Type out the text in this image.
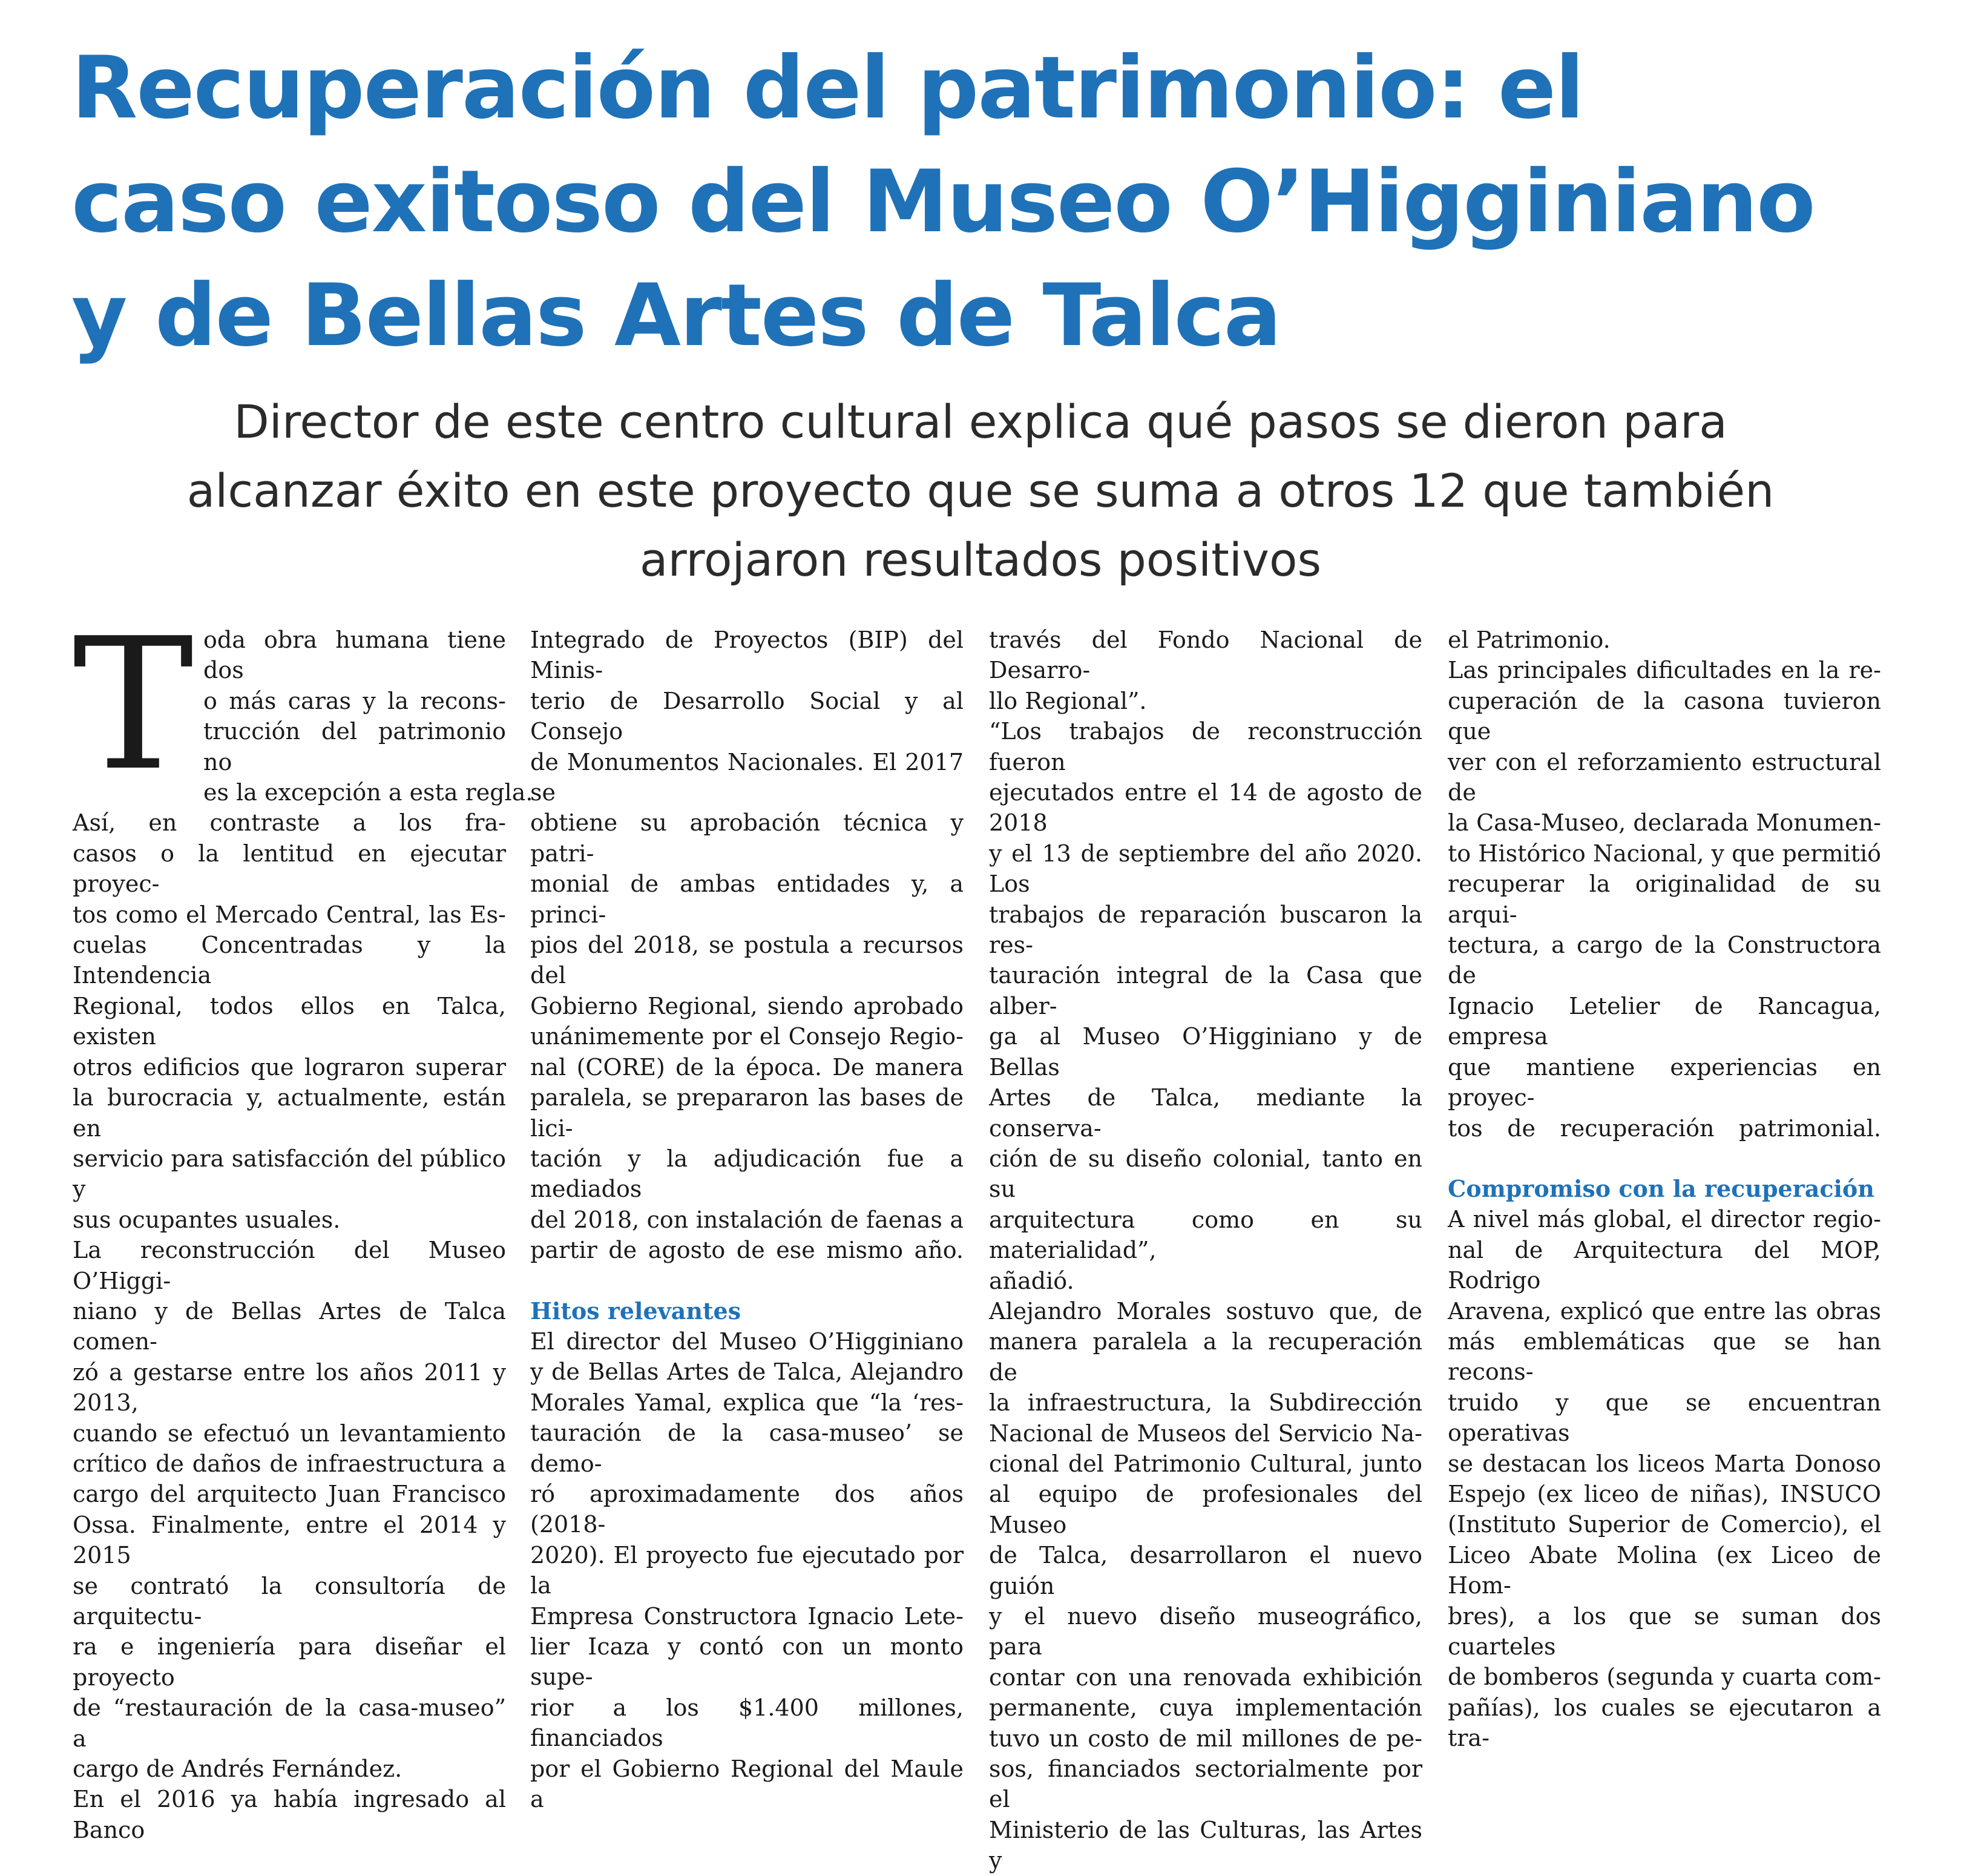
Recuperación del patrimonio: el
caso exitoso del Museo O’Higginiano
y de Bellas Artes de Talca
Director de este centro cultural explica qué pasos se dieron para
alcanzar éxito en este proyecto que se suma a otros 12 que también
arrojaron resultados positivos
T oda obra humana tiene dos
o más caras y la recons-
trucción del patrimonio no
es la excepción a esta regla.
Así, en contraste a los fra-
casos o la lentitud en ejecutar proyec-
tos como el Mercado Central, las Es-
cuelas Concentradas y la Intendencia
Regional, todos ellos en Talca, existen
otros edificios que lograron superar
la burocracia y, actualmente, están en
servicio para satisfacción del público y
sus ocupantes usuales.
La reconstrucción del Museo O’Higgi-
niano y de Bellas Artes de Talca comen-
zó a gestarse entre los años 2011 y 2013,
cuando se efectuó un levantamiento
crítico de daños de infraestructura a
cargo del arquitecto Juan Francisco
Ossa. Finalmente, entre el 2014 y 2015
se contrató la consultoría de arquitectu-
ra e ingeniería para diseñar el proyecto
de “restauración de la casa-museo” a
cargo de Andrés Fernández.
En el 2016 ya había ingresado al Banco
Integrado de Proyectos (BIP) del Minis-
terio de Desarrollo Social y al Consejo
de Monumentos Nacionales. El 2017 se
obtiene su aprobación técnica y patri-
monial de ambas entidades y, a princi-
pios del 2018, se postula a recursos del
Gobierno Regional, siendo aprobado
unánimemente por el Consejo Regio-
nal (CORE) de la época. De manera
paralela, se prepararon las bases de lici-
tación y la adjudicación fue a mediados
del 2018, con instalación de faenas a
partir de agosto de ese mismo año.
Hitos relevantes
El director del Museo O’Higginiano
y de Bellas Artes de Talca, Alejandro
Morales Yamal, explica que “la ‘res-
tauración de la casa-museo’ se demo-
ró aproximadamente dos años (2018-
2020). El proyecto fue ejecutado por la
Empresa Constructora Ignacio Lete-
lier Icaza y contó con un monto supe-
rior a los $1.400 millones, financiados
por el Gobierno Regional del Maule a
través del Fondo Nacional de Desarro-
llo Regional”.
“Los trabajos de reconstrucción fueron
ejecutados entre el 14 de agosto de 2018
y el 13 de septiembre del año 2020. Los
trabajos de reparación buscaron la res-
tauración integral de la Casa que alber-
ga al Museo O’Higginiano y de Bellas
Artes de Talca, mediante la conserva-
ción de su diseño colonial, tanto en su
arquitectura como en su materialidad”,
añadió.
Alejandro Morales sostuvo que, de
manera paralela a la recuperación de
la infraestructura, la Subdirección
Nacional de Museos del Servicio Na-
cional del Patrimonio Cultural, junto
al equipo de profesionales del Museo
de Talca, desarrollaron el nuevo guión
y el nuevo diseño museográfico, para
contar con una renovada exhibición
permanente, cuya implementación
tuvo un costo de mil millones de pe-
sos, financiados sectorialmente por el
Ministerio de las Culturas, las Artes y
el Patrimonio.
Las principales dificultades en la re-
cuperación de la casona tuvieron que
ver con el reforzamiento estructural de
la Casa-Museo, declarada Monumen-
to Histórico Nacional, y que permitió
recuperar la originalidad de su arqui-
tectura, a cargo de la Constructora de
Ignacio Letelier de Rancagua, empresa
que mantiene experiencias en proyec-
tos de recuperación patrimonial.
Compromiso con la recuperación
A nivel más global, el director regio-
nal de Arquitectura del MOP, Rodrigo
Aravena, explicó que entre las obras
más emblemáticas que se han recons-
truido y que se encuentran operativas
se destacan los liceos Marta Donoso
Espejo (ex liceo de niñas), INSUCO
(Instituto Superior de Comercio), el
Liceo Abate Molina (ex Liceo de Hom-
bres), a los que se suman dos cuarteles
de bomberos (segunda y cuarta com-
pañías), los cuales se ejecutaron a tra-
